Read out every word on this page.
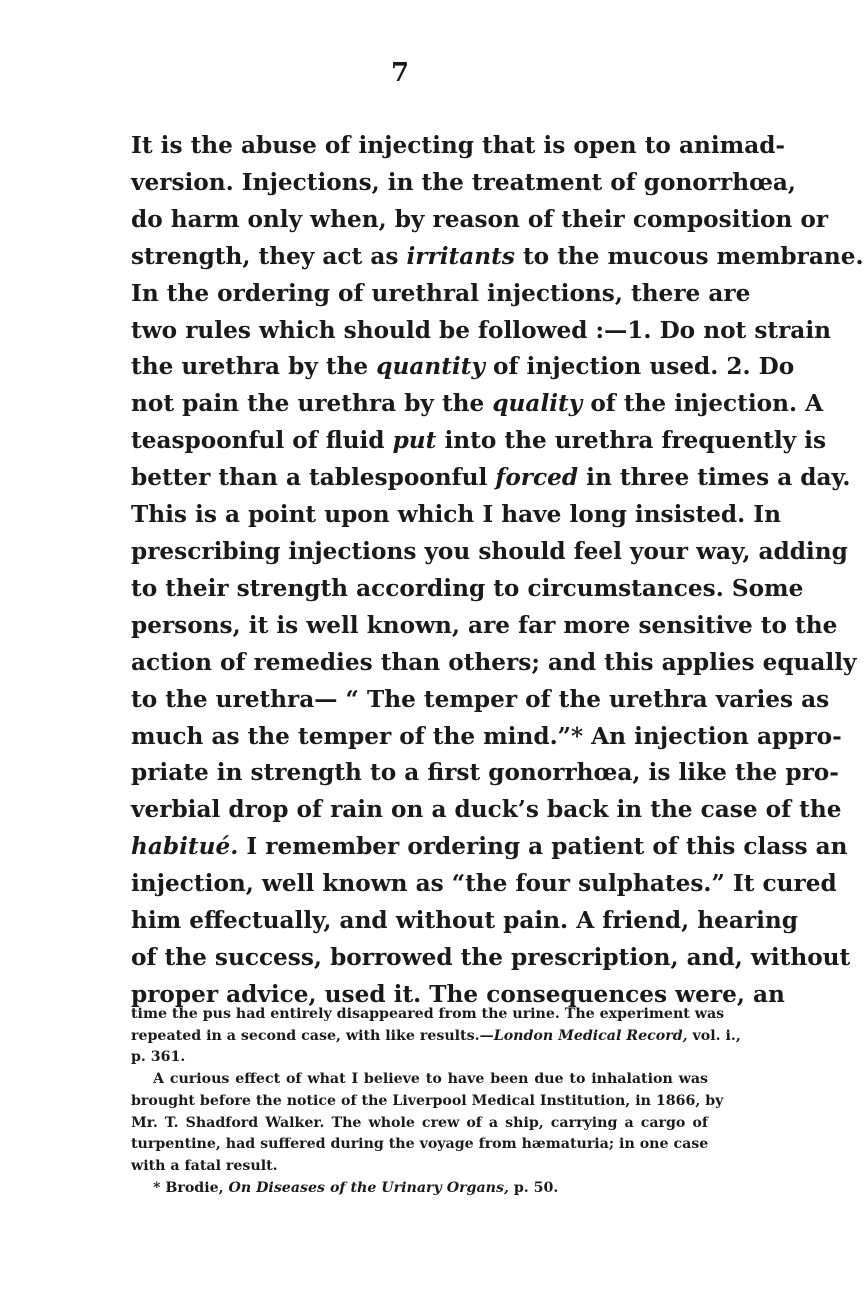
7
It is the abuse of injecting that is open to animad-
version. Injections, in the treatment of gonorrhœa,
do harm only when, by reason of their composition or
strength, they act as irritants to the mucous membrane.
In the ordering of urethral injections, there are
two rules which should be followed :—1. Do not strain
the urethra by the quantity of injection used. 2. Do
not pain the urethra by the quality of the injection. A
teaspoonful of fluid put into the urethra frequently is
better than a tablespoonful forced in three times a day.
This is a point upon which I have long insisted. In
prescribing injections you should feel your way, adding
to their strength according to circumstances. Some
persons, it is well known, are far more sensitive to the
action of remedies than others; and this applies equally
to the urethra— “ The temper of the urethra varies as
much as the temper of the mind.”* An injection appro-
priate in strength to a first gonorrhœa, is like the pro-
verbial drop of rain on a duck’s back in the case of the
habitué. I remember ordering a patient of this class an
injection, well known as “the four sulphates.” It cured
him effectually, and without pain. A friend, hearing
of the success, borrowed the prescription, and, without
proper advice, used it. The consequences were, an
time the pus had entirely disappeared from the urine. The experiment was
repeated in a second case, with like results.—London Medical Record, vol. i.,
p. 361.
A curious effect of what I believe to have been due to inhalation was
brought before the notice of the Liverpool Medical Institution, in 1866, by
Mr. T. Shadford Walker. The whole crew of a ship, carrying a cargo of
turpentine, had suffered during the voyage from hæmaturia; in one case
with a fatal result.
* Brodie, On Diseases of the Urinary Organs, p. 50.
